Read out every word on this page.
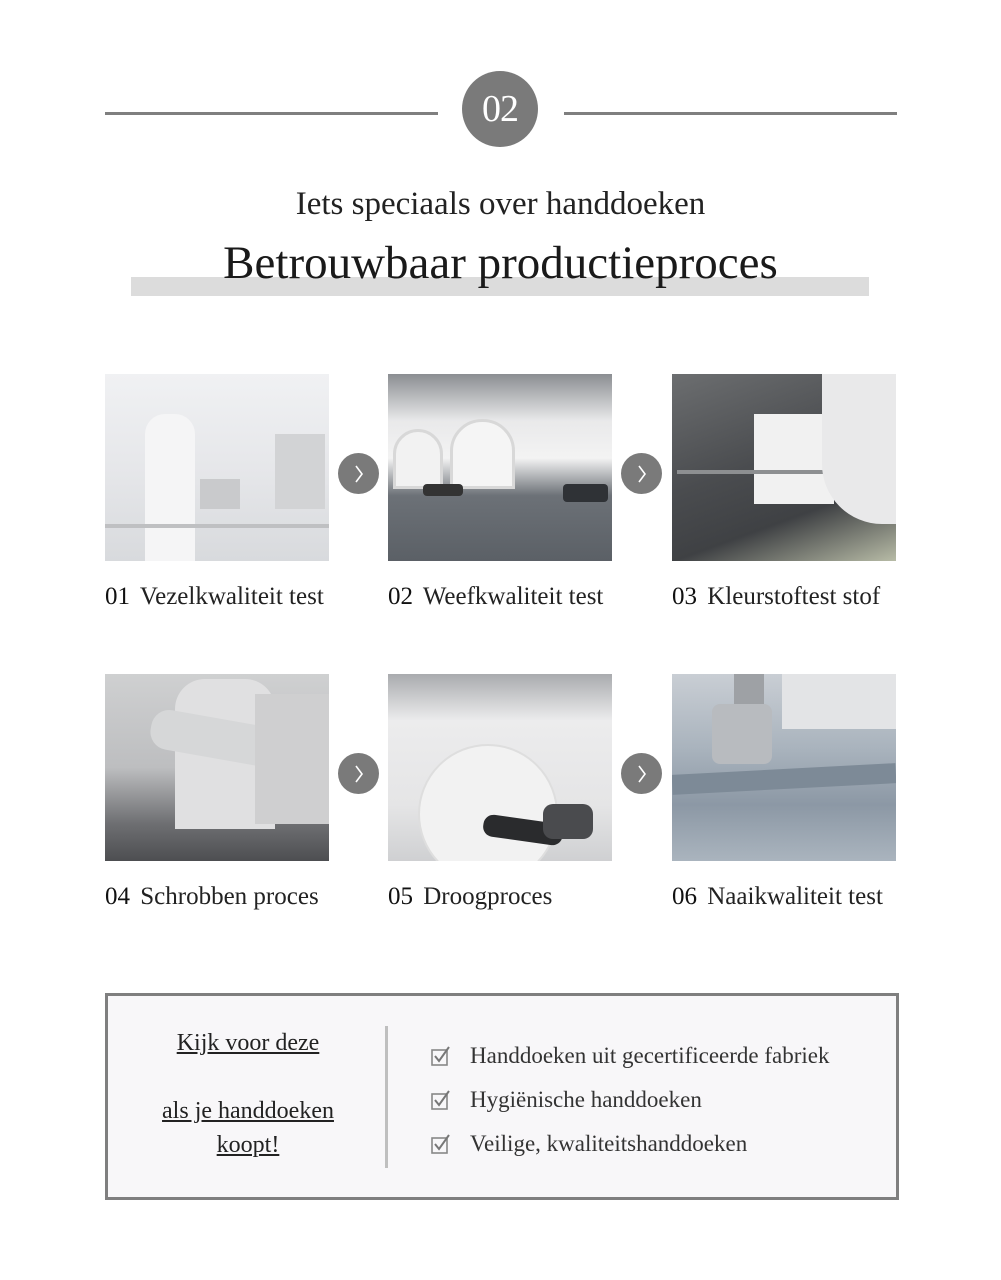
02
Iets speciaals over handdoeken
Betrouwbaar productieproces
01 Vezelkwaliteit test	02 Weefkwaliteit test	03 Kleurstoftest stof
04 Schrobben proces	05 Droogproces	06 Naaikwaliteit test
Kijk voor deze
als je handdoeken
koopt!
Handdoeken uit gecertificeerde fabriek
Hygiënische handdoeken
Veilige, kwaliteitshanddoeken
